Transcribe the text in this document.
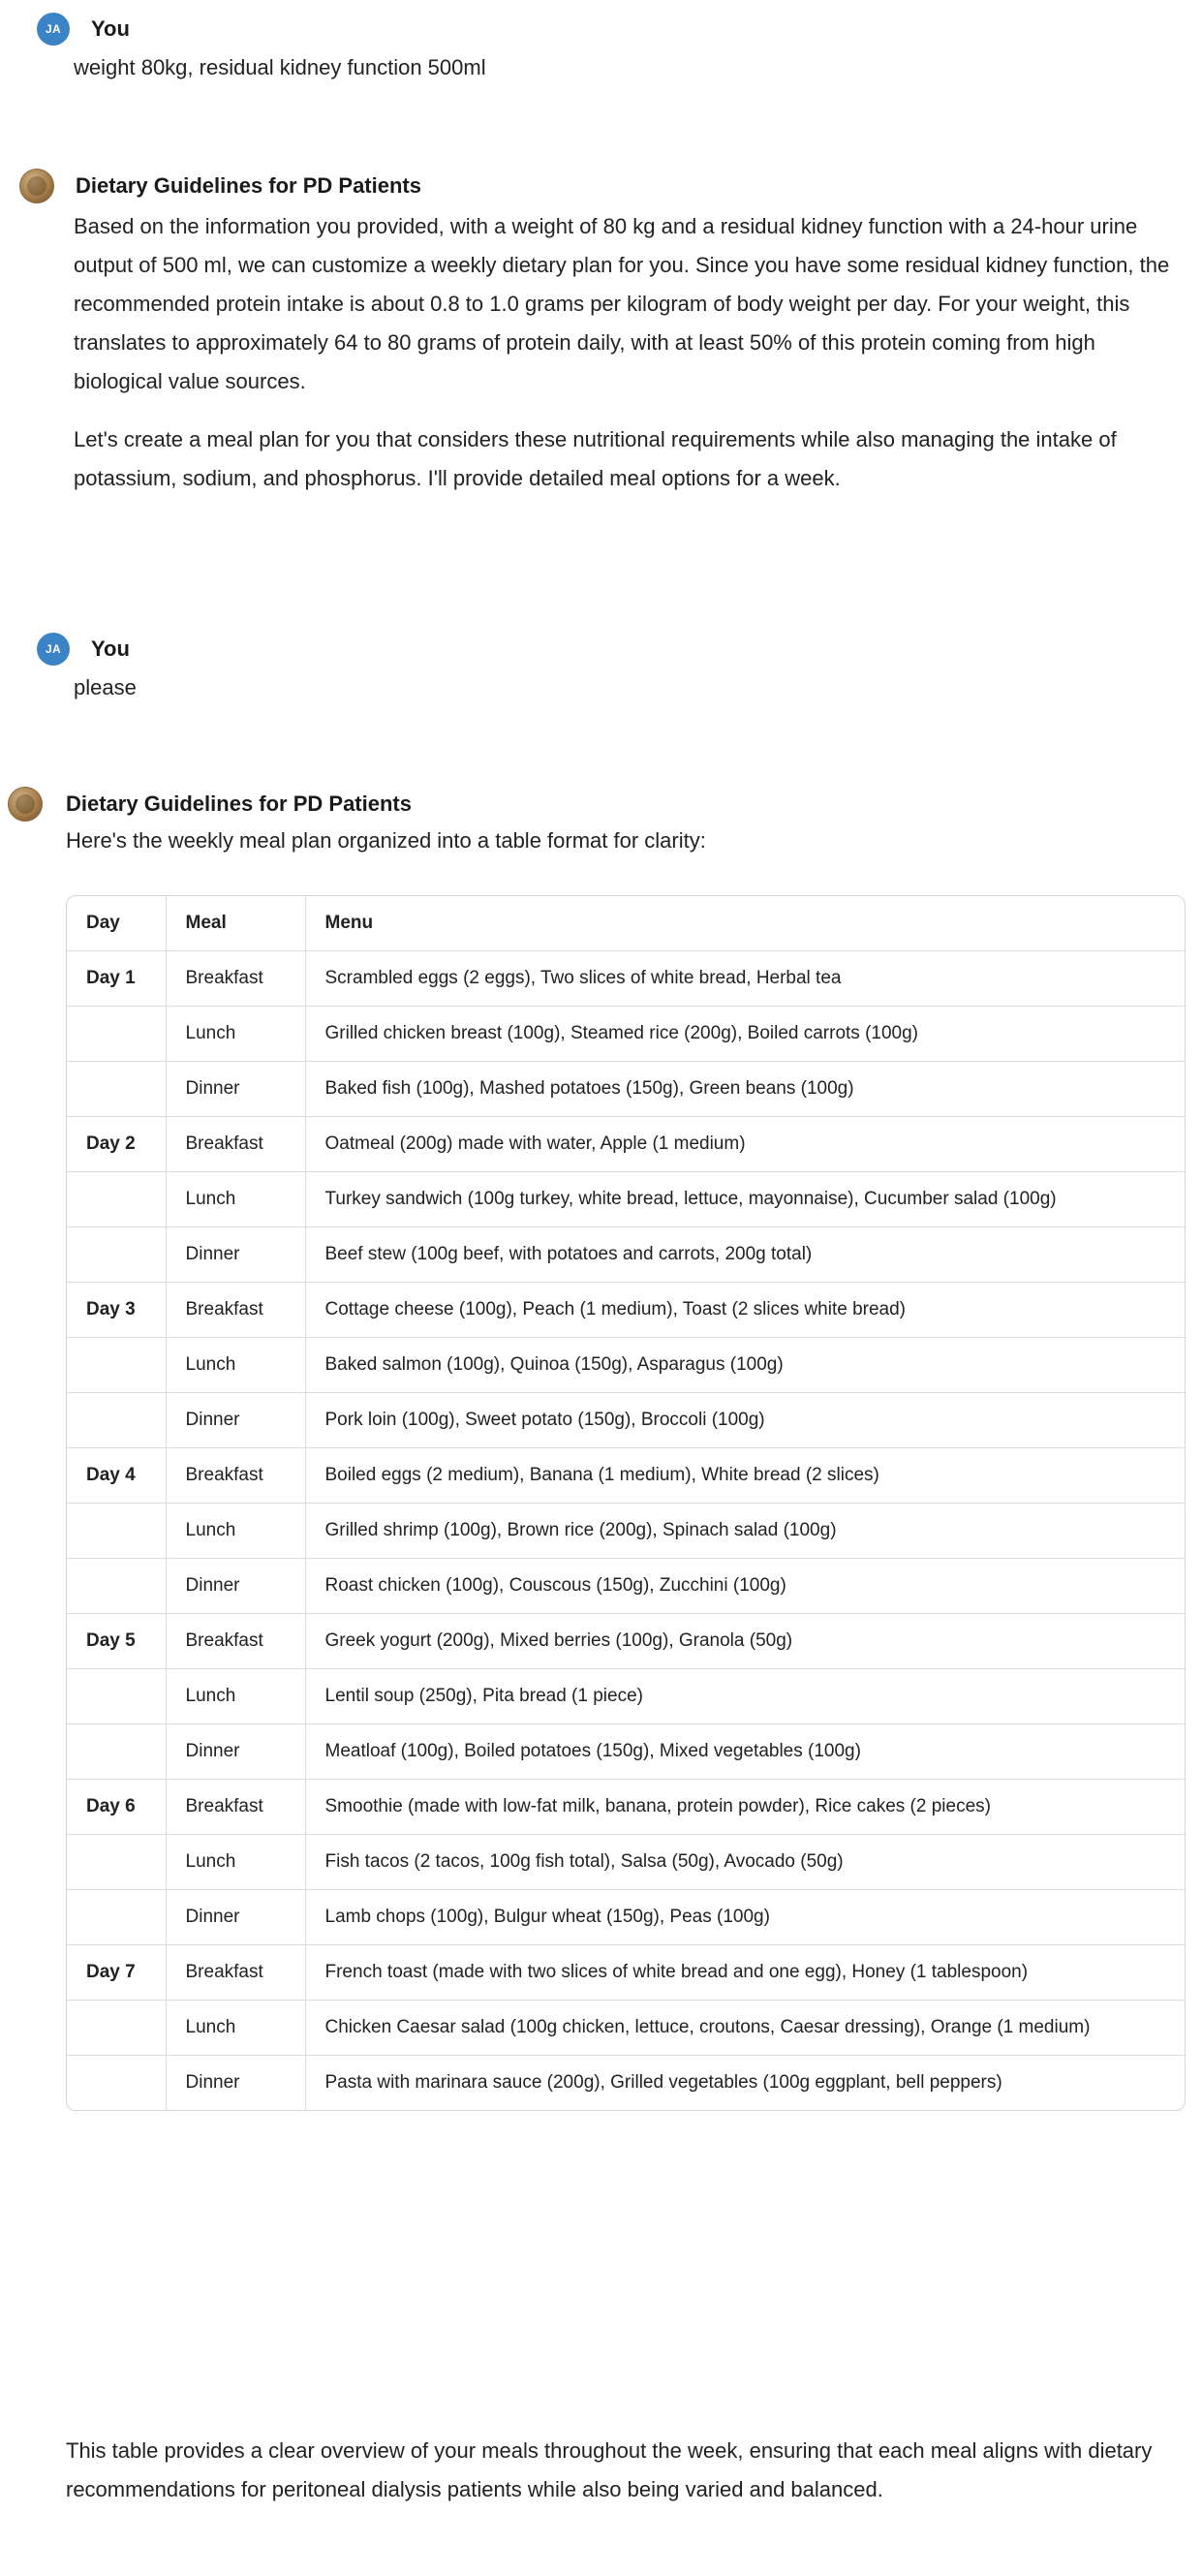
JA	You

weight 80kg, residual kidney function 500ml

Dietary Guidelines for PD Patients

Based on the information you provided, with a weight of 80 kg and a residual kidney function with a 24-hour urine output of 500 ml, we can customize a weekly dietary plan for you. Since you have some residual kidney function, the recommended protein intake is about 0.8 to 1.0 grams per kilogram of body weight per day. For your weight, this translates to approximately 64 to 80 grams of protein daily, with at least 50% of this protein coming from high biological value sources.

Let's create a meal plan for you that considers these nutritional requirements while also managing the intake of potassium, sodium, and phosphorus. I'll provide detailed meal options for a week.

JA	You

please

Dietary Guidelines for PD Patients

Here's the weekly meal plan organized into a table format for clarity:

Day	Meal	Menu
Day 1	Breakfast	Scrambled eggs (2 eggs), Two slices of white bread, Herbal tea
	Lunch	Grilled chicken breast (100g), Steamed rice (200g), Boiled carrots (100g)
	Dinner	Baked fish (100g), Mashed potatoes (150g), Green beans (100g)
Day 2	Breakfast	Oatmeal (200g) made with water, Apple (1 medium)
	Lunch	Turkey sandwich (100g turkey, white bread, lettuce, mayonnaise), Cucumber salad (100g)
	Dinner	Beef stew (100g beef, with potatoes and carrots, 200g total)
Day 3	Breakfast	Cottage cheese (100g), Peach (1 medium), Toast (2 slices white bread)
	Lunch	Baked salmon (100g), Quinoa (150g), Asparagus (100g)
	Dinner	Pork loin (100g), Sweet potato (150g), Broccoli (100g)
Day 4	Breakfast	Boiled eggs (2 medium), Banana (1 medium), White bread (2 slices)
	Lunch	Grilled shrimp (100g), Brown rice (200g), Spinach salad (100g)
	Dinner	Roast chicken (100g), Couscous (150g), Zucchini (100g)
Day 5	Breakfast	Greek yogurt (200g), Mixed berries (100g), Granola (50g)
	Lunch	Lentil soup (250g), Pita bread (1 piece)
	Dinner	Meatloaf (100g), Boiled potatoes (150g), Mixed vegetables (100g)
Day 6	Breakfast	Smoothie (made with low-fat milk, banana, protein powder), Rice cakes (2 pieces)
	Lunch	Fish tacos (2 tacos, 100g fish total), Salsa (50g), Avocado (50g)
	Dinner	Lamb chops (100g), Bulgur wheat (150g), Peas (100g)
Day 7	Breakfast	French toast (made with two slices of white bread and one egg), Honey (1 tablespoon)
	Lunch	Chicken Caesar salad (100g chicken, lettuce, croutons, Caesar dressing), Orange (1 medium)
	Dinner	Pasta with marinara sauce (200g), Grilled vegetables (100g eggplant, bell peppers)

This table provides a clear overview of your meals throughout the week, ensuring that each meal aligns with dietary recommendations for peritoneal dialysis patients while also being varied and balanced.
